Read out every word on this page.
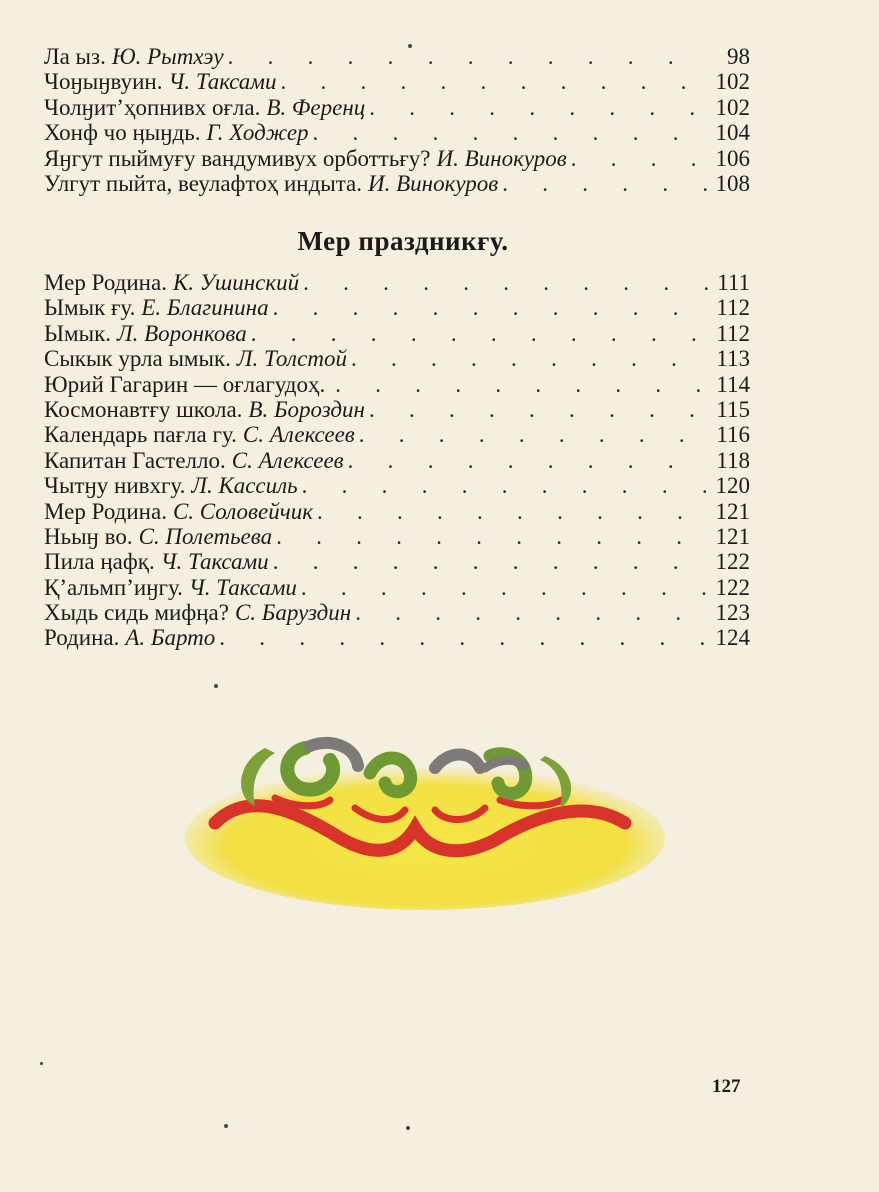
Ла ыз. Ю. Рытхэу . . .	98
Чоӈыӈвуин. Ч. Таксами . . .	102
Чолӈитʼҳопнивх оғла. В. Ференц . . .	102
Хонф чо ӊыӈдь. Г. Ходжер . . .	104
Яӈгут пыймуғу вандумивух орботтьғу? И. Винокуров . . .	106
Улгут пыйта, веулафтоҳ индыта. И. Винокуров . . .	108
Мер праздникғу.
Мер Родина. К. Ушинский . . .	111
Ымык ғу. Е. Благинина . . .	112
Ымык. Л. Воронкова . . .	112
Сыкык урла ымык. Л. Толстой . . .	113
Юрий Гагарин — оғлагудоҳ. . . .	114
Космонавтғу школа. В. Бороздин . . .	115
Календарь пағла гу. С. Алексеев . . .	116
Капитан Гастелло. С. Алексеев . . .	118
Чытӈу нивхгу. Л. Кассиль . . .	120
Мер Родина. С. Соловейчик . . .	121
Ньыӈ во. С. Полетьева . . .	121
Пила ӊафқ. Ч. Таксами . . .	122
Қʼальмпʼиӈгу. Ч. Таксами . . .	122
Хыдь сидь мифӊа? С. Баруздин . . .	123
Родина. А. Барто . . .	124
127
